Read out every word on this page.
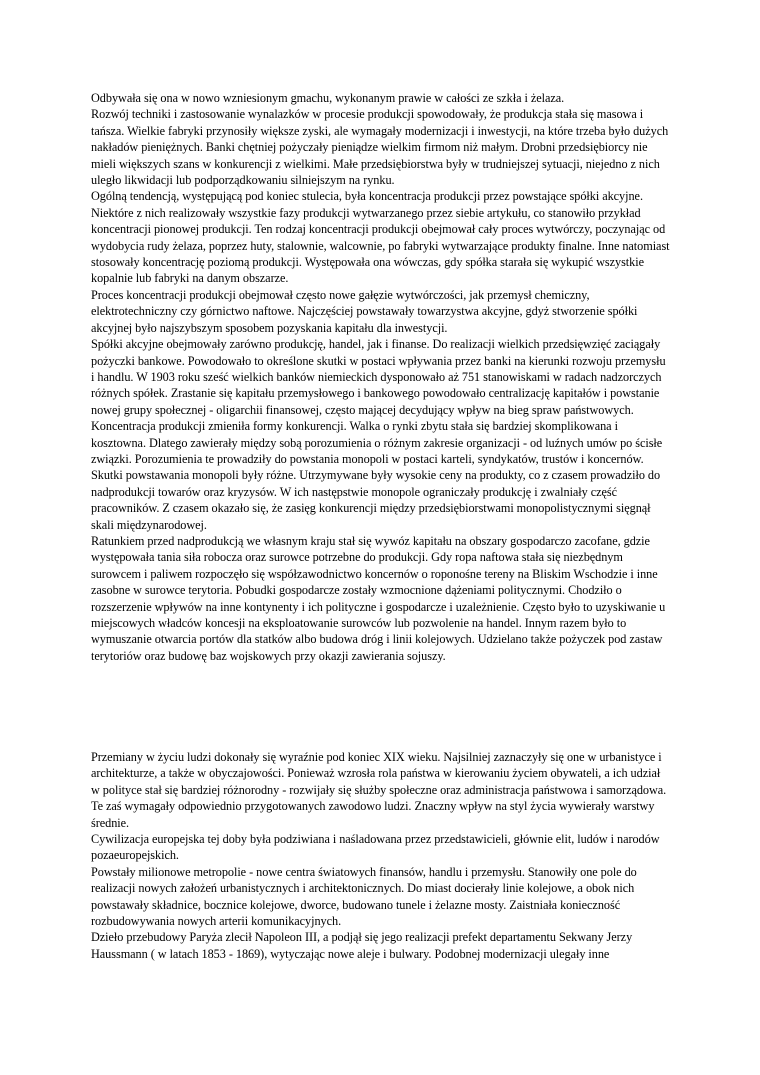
Odbywała się ona w nowo wzniesionym gmachu, wykonanym prawie w całości ze szkła i żelaza.

Rozwój techniki i zastosowanie wynalazków w procesie produkcji spowodowały, że produkcja stała się masowa i tańsza. Wielkie fabryki przynosiły większe zyski, ale wymagały modernizacji i inwestycji, na które trzeba było dużych nakładów pieniężnych. Banki chętniej pożyczały pieniądze wielkim firmom niż małym. Drobni przedsiębiorcy nie mieli większych szans w konkurencji z wielkimi. Małe przedsiębiorstwa były w trudniejszej sytuacji, niejedno z nich uległo likwidacji lub podporządkowaniu silniejszym na rynku.

Ogólną tendencją, występującą pod koniec stulecia, była koncentracja produkcji przez powstające spółki akcyjne. Niektóre z nich realizowały wszystkie fazy produkcji wytwarzanego przez siebie artykułu, co stanowiło przykład koncentracji pionowej produkcji. Ten rodzaj koncentracji produkcji obejmował cały proces wytwórczy, poczynając od wydobycia rudy żelaza, poprzez huty, stalownie, walcownie, po fabryki wytwarzające produkty finalne. Inne natomiast stosowały koncentrację poziomą produkcji. Występowała ona wówczas, gdy spółka starała się wykupić wszystkie kopalnie lub fabryki na danym obszarze.

Proces koncentracji produkcji obejmował często nowe gałęzie wytwórczości, jak przemysł chemiczny, elektrotechniczny czy górnictwo naftowe. Najczęściej powstawały towarzystwa akcyjne, gdyż stworzenie spółki akcyjnej było najszybszym sposobem pozyskania kapitału dla inwestycji.

Spółki akcyjne obejmowały zarówno produkcję, handel, jak i finanse. Do realizacji wielkich przedsięwzięć zaciągały pożyczki bankowe. Powodowało to określone skutki w postaci wpływania przez banki na kierunki rozwoju przemysłu i handlu. W 1903 roku sześć wielkich banków niemieckich dysponowało aż 751 stanowiskami w radach nadzorczych różnych spółek. Zrastanie się kapitału przemysłowego i bankowego powodowało centralizację kapitałów i powstanie nowej grupy społecznej - oligarchii finansowej, często mającej decydujący wpływ na bieg spraw państwowych.

Koncentracja produkcji zmieniła formy konkurencji. Walka o rynki zbytu stała się bardziej skomplikowana i kosztowna. Dlatego zawierały między sobą porozumienia o różnym zakresie organizacji - od luźnych umów po ścisłe związki. Porozumienia te prowadziły do powstania monopoli w postaci karteli, syndykatów, trustów i koncernów.

Skutki powstawania monopoli były różne. Utrzymywane były wysokie ceny na produkty, co z czasem prowadziło do nadprodukcji towarów oraz kryzysów. W ich następstwie monopole ograniczały produkcję i zwalniały część pracowników. Z czasem okazało się, że zasięg konkurencji między przedsiębiorstwami monopolistycznymi sięgnął skali międzynarodowej.

Ratunkiem przed nadprodukcją we własnym kraju stał się wywóz kapitału na obszary gospodarczo zacofane, gdzie występowała tania siła robocza oraz surowce potrzebne do produkcji. Gdy ropa naftowa stała się niezbędnym surowcem i paliwem rozpoczęło się współzawodnictwo koncernów o roponośne tereny na Bliskim Wschodzie i inne zasobne w surowce terytoria. Pobudki gospodarcze zostały wzmocnione dążeniami politycznymi. Chodziło o rozszerzenie wpływów na inne kontynenty i ich polityczne i gospodarcze i uzależnienie. Często było to uzyskiwanie u miejscowych władców koncesji na eksploatowanie surowców lub pozwolenie na handel. Innym razem było to wymuszanie otwarcia portów dla statków albo budowa dróg i linii kolejowych. Udzielano także pożyczek pod zastaw terytoriów oraz budowę baz wojskowych przy okazji zawierania sojuszy.

Przemiany w życiu ludzi dokonały się wyraźnie pod koniec XIX wieku. Najsilniej zaznaczyły się one w urbanistyce i architekturze, a także w obyczajowości. Ponieważ wzrosła rola państwa w kierowaniu życiem obywateli, a ich udział w polityce stał się bardziej różnorodny - rozwijały się służby społeczne oraz administracja państwowa i samorządowa. Te zaś wymagały odpowiednio przygotowanych zawodowo ludzi. Znaczny wpływ na styl życia wywierały warstwy średnie.

Cywilizacja europejska tej doby była podziwiana i naśladowana przez przedstawicieli, głównie elit, ludów i narodów pozaeuropejskich.

Powstały milionowe metropolie - nowe centra światowych finansów, handlu i przemysłu. Stanowiły one pole do realizacji nowych założeń urbanistycznych i architektonicznych. Do miast docierały linie kolejowe, a obok nich powstawały składnice, bocznice kolejowe, dworce, budowano tunele i żelazne mosty. Zaistniała konieczność rozbudowywania nowych arterii komunikacyjnych.

Dzieło przebudowy Paryża zlecił Napoleon III, a podjął się jego realizacji prefekt departamentu Sekwany Jerzy Haussmann ( w latach 1853 - 1869), wytyczając nowe aleje i bulwary. Podobnej modernizacji ulegały inne
